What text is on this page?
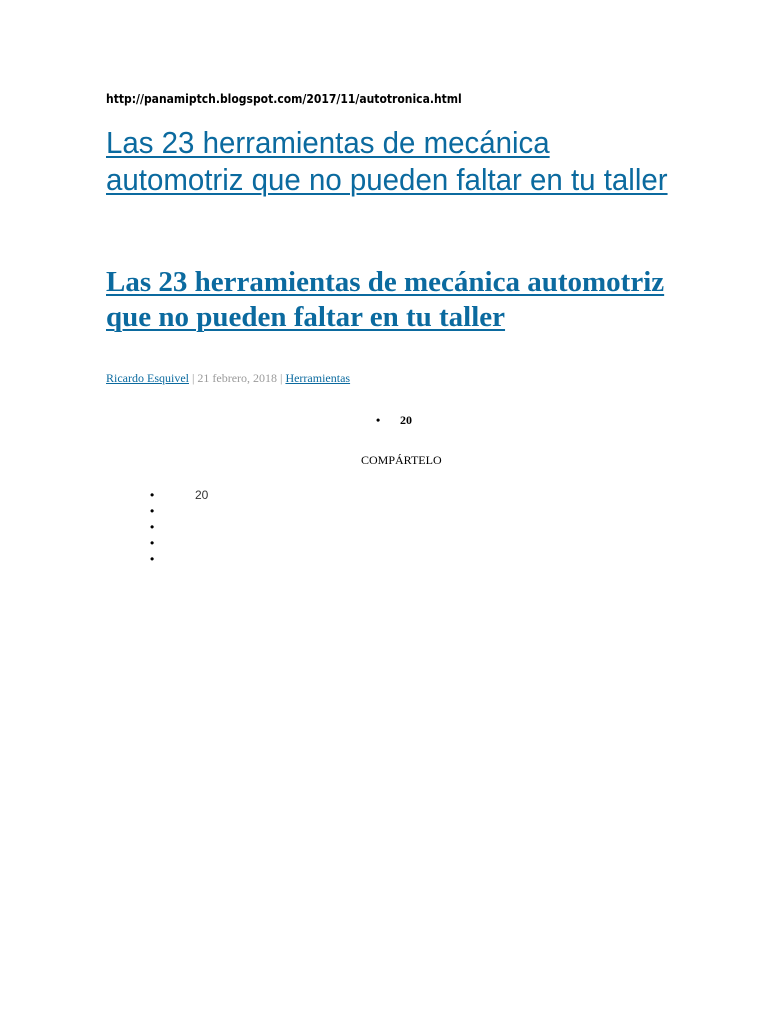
http://panamiptch.blogspot.com/2017/11/autotronica.html
Las 23 herramientas de mecánica automotriz que no pueden faltar en tu taller
Las 23 herramientas de mecánica automotriz que no pueden faltar en tu taller
Ricardo Esquivel | 21 febrero, 2018 | Herramientas
• 20
COMPÁRTELO
•	20
•
•
•
•
